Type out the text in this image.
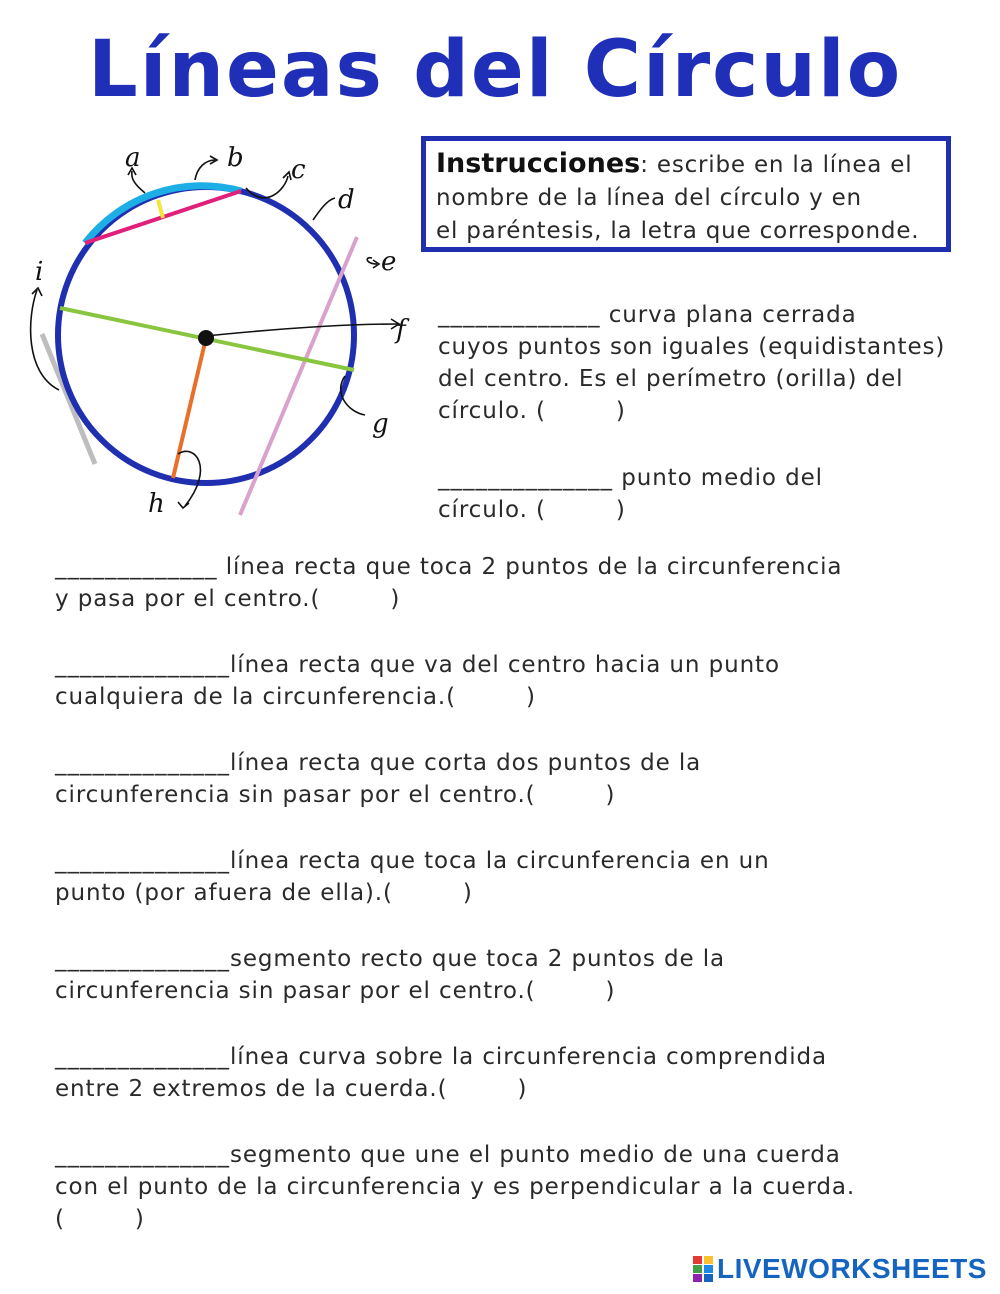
Líneas del Círculo
a	b c
d
e
f
g
h
i
Instrucciones: escribe en la línea el
nombre de la línea del círculo y en
el paréntesis, la letra que corresponde.
_____________ curva plana cerrada
cuyos puntos son iguales (equidistantes)
del centro. Es el perímetro (orilla) del
círculo. (	)
______________ punto medio del
círculo. (	)
_____________ línea recta que toca 2 puntos de la circunferencia
y pasa por el centro.(	)
______________línea recta que va del centro hacia un punto
cualquiera de la circunferencia.(	)
______________línea recta que corta dos puntos de la
circunferencia sin pasar por el centro.(	)
______________línea recta que toca la circunferencia en un
punto (por afuera de ella).(	)
______________segmento recto que toca 2 puntos de la
circunferencia sin pasar por el centro.(	)
______________línea curva sobre la circunferencia comprendida
entre 2 extremos de la cuerda.(	)
______________segmento que une el punto medio de una cuerda
con el punto de la circunferencia y es perpendicular a la cuerda.
(	)
LIVEWORKSHEETS
